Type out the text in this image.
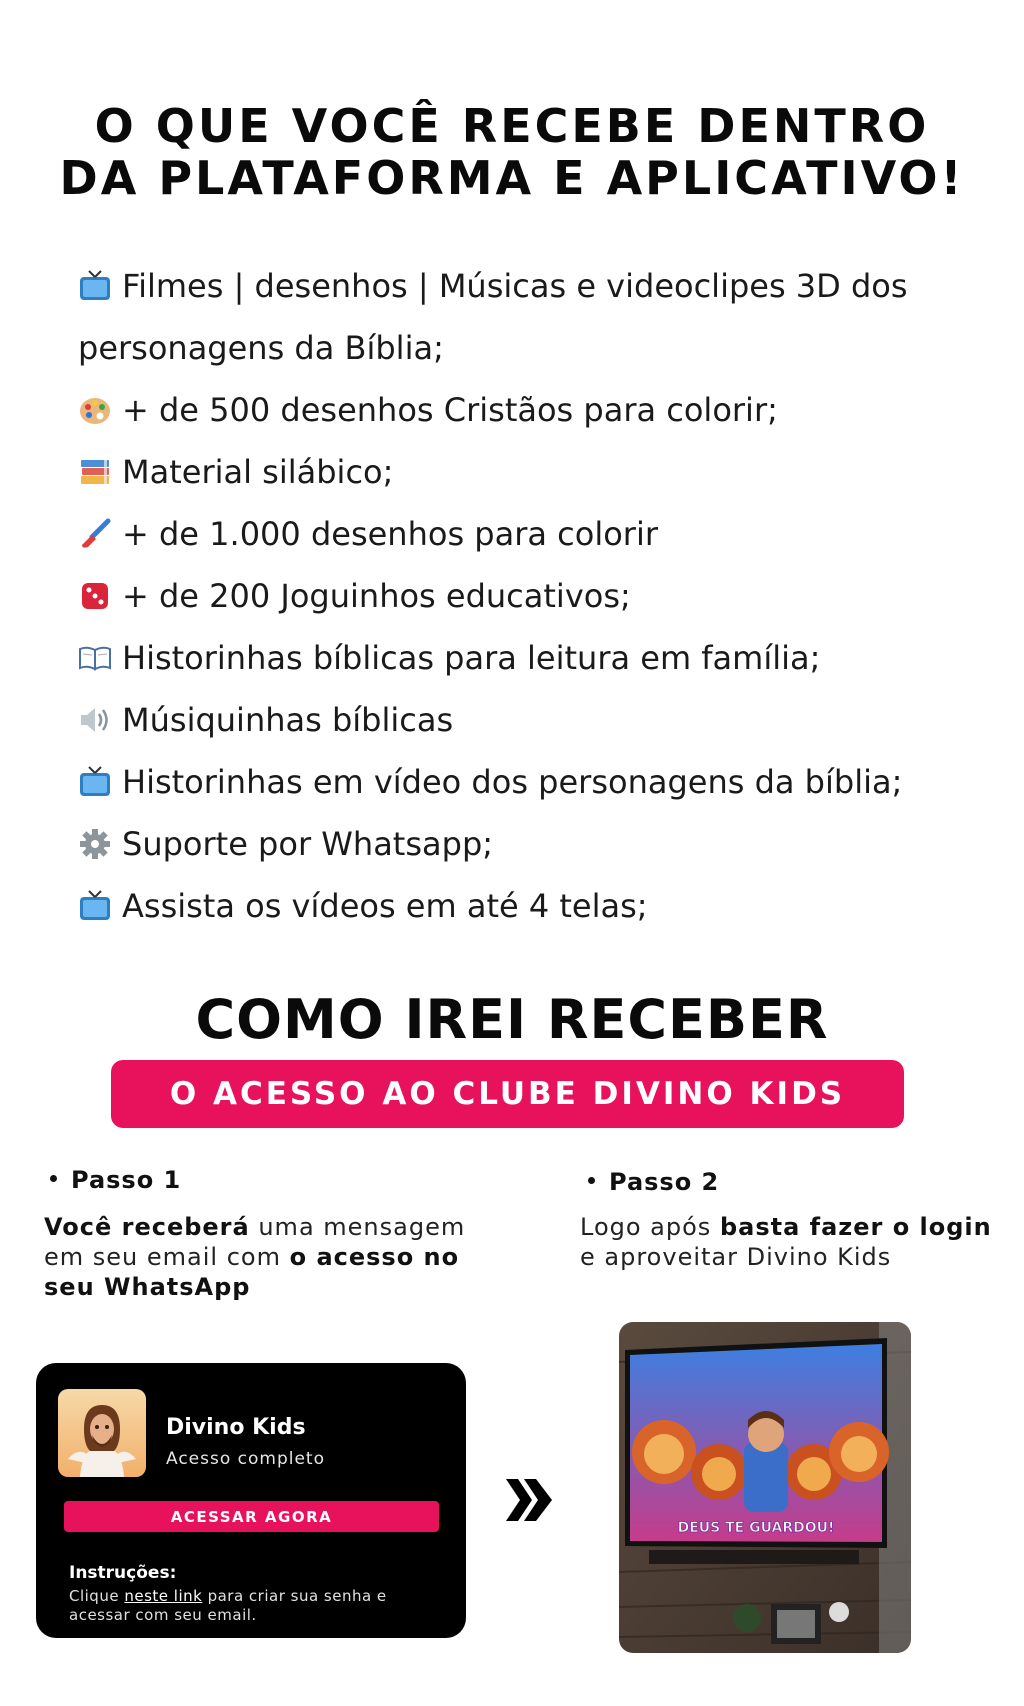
O QUE VOCÊ RECEBE DENTRO
DA PLATAFORMA E APLICATIVO!
Filmes | desenhos | Músicas e videoclipes 3D dos
personagens da Bíblia;
+ de 500 desenhos Cristãos para colorir;
Material silábico;
+ de 1.000 desenhos para colorir
+ de 200 Joguinhos educativos;
Historinhas bíblicas para leitura em família;
Músiquinhas bíblicas
Historinhas em vídeo dos personagens da bíblia;
Suporte por Whatsapp;
Assista os vídeos em até 4 telas;
COMO IREI RECEBER
O ACESSO AO CLUBE DIVINO KIDS
Passo 1	Passo 2
Você receberá uma mensagem em seu email com o acesso no seu WhatsApp
Logo após basta fazer o login e aproveitar Divino Kids
Divino Kids
Acesso completo
ACESSAR AGORA
Instruções:
Clique neste link para criar sua senha e acessar com seu email.
DEUS TE GUARDOU!
